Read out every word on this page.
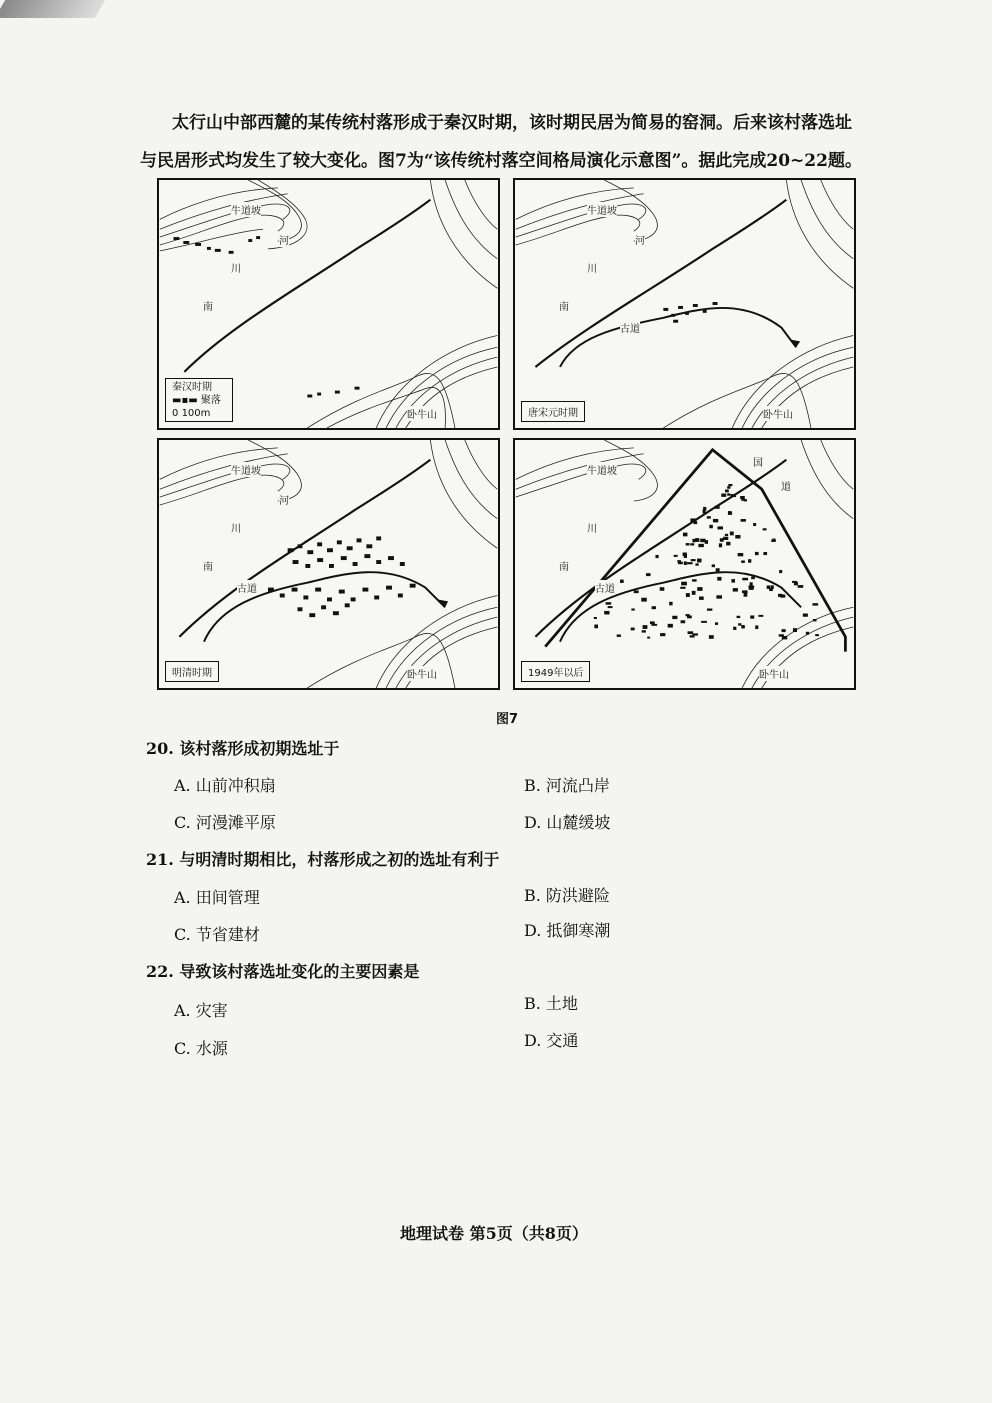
太行山中部西麓的某传统村落形成于秦汉时期，该时期民居为简易的窑洞。后来该村落选址

与民居形式均发生了较大变化。图7为“该传统村落空间格局演化示意图”。据此完成20~22题。
牛道坡
河
川
南
卧牛山
秦汉时期
▬▪▬ 聚落
0 100m
牛道坡
河
川
南
古道
卧牛山
唐宋元时期
牛道坡
河
川
南
古道
卧牛山
明清时期
牛道坡
国
道
川
南
古道
卧牛山
1949年以后
图7
20. 该村落形成初期选址于
A. 山前冲积扇	B. 河流凸岸
C. 河漫滩平原	D. 山麓缓坡
21. 与明清时期相比，村落形成之初的选址有利于
A. 田间管理	B. 防洪避险
C. 节省建材	D. 抵御寒潮
22. 导致该村落选址变化的主要因素是
A. 灾害	B. 土地
C. 水源	D. 交通
地理试卷 第5页（共8页）
